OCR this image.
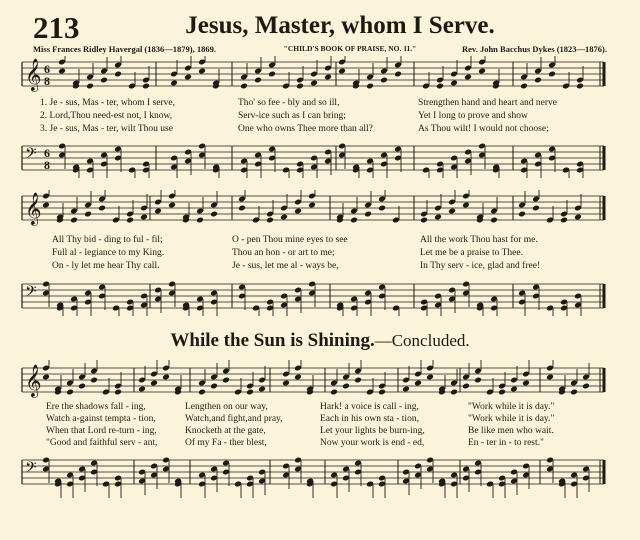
213	Jesus, Master, whom I Serve.
Miss Frances Ridley Havergal (1836—1879), 1869.	"CHILD'S BOOK OF PRAISE, NO. 11."	Rev. John Bacchus Dykes (1823—1876).
𝄞 6
8
1. Je - sus, Mas - ter, whom I serve,	Tho' so fee - bly and so ill,	Strengthen hand and heart and nerve
2. Lord,Thou need-est not, I know,	Serv-ice such as I can bring;	Yet I long to prove and show
3. Je - sus, Mas - ter, wilt Thou use	One who owns Thee more than all?	As Thou wilt! I would not choose;
𝄢 6
8
𝄞
All Thy bid - ding to ful - fil;	O - pen Thou mine eyes to see	All the work Thou hast for me.
Full al - legiance to my King.	Thou an hon - or art to me;	Let me be a praise to Thee.
On - ly let me hear Thy call.	Je - sus, let me al - ways be,	In Thy serv - ice, glad and free!
𝄢
While the Sun is Shining.—Concluded.
𝄞
Ere the shadows fall - ing,	Lengthen on our way,	Hark! a voice is call - ing,	"Work while it is day."
Watch a-gainst tempta - tion,	Watch,and fight,and pray,	Each in his own sta - tion,	"Work while it is day."
When that Lord re-turn - ing,	Knocketh at the gate,	Let your lights be burn-ing,	Be like men who wait.
"Good and faithful serv - ant,	Of my Fa - ther blest,	Now your work is end - ed,	En - ter in - to rest."
𝄢
